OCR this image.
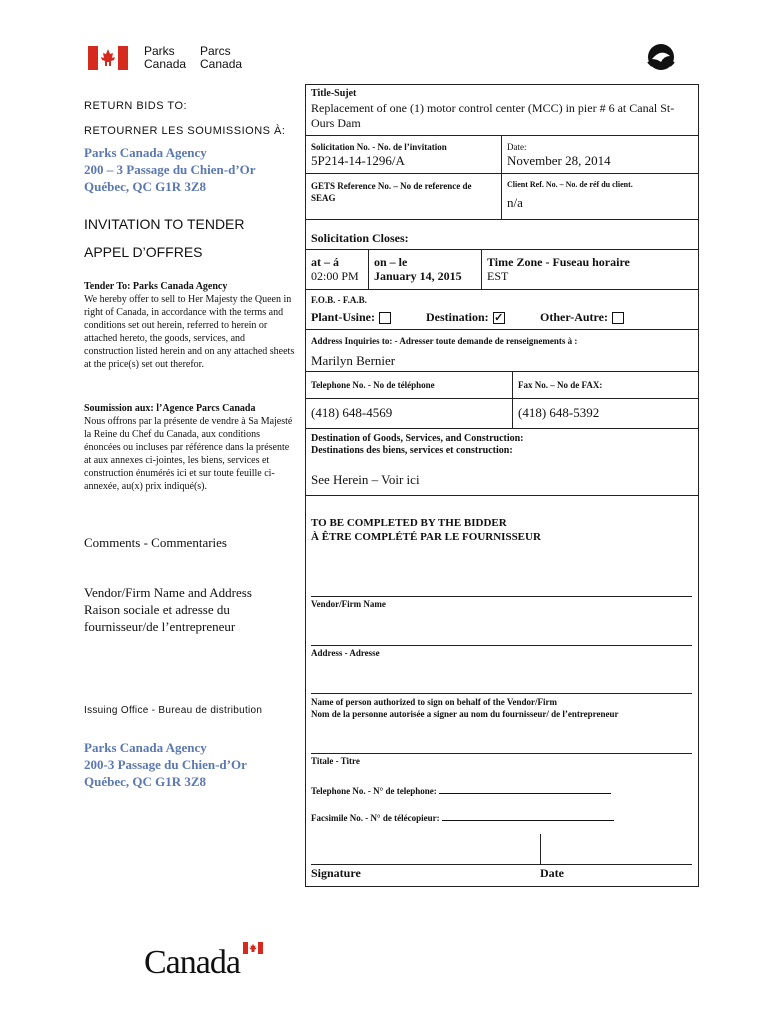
Parks
Canada
Parcs
Canada
RETURN BIDS TO:
RETOURNER LES SOUMISSIONS À:
Parks Canada Agency
200 – 3 Passage du Chien-d’Or
Québec, QC G1R 3Z8
INVITATION TO TENDER
APPEL D’OFFRES
Tender To: Parks Canada Agency
We hereby offer to sell to Her Majesty the Queen in right of Canada, in accordance with the terms and conditions set out herein, referred to herein or attached hereto, the goods, services, and construction listed herein and on any attached sheets at the price(s) set out therefor.
Soumission aux: l’Agence Parcs Canada
Nous offrons par la présente de vendre à Sa Majesté la Reine du Chef du Canada, aux conditions énoncées ou incluses par référence dans la présente at aux annexes ci-jointes, les biens, services et construction énumérés ici et sur toute feuille ci-annexée, au(x) prix indiqué(s).
Comments - Commentaries
Vendor/Firm Name and Address
Raison sociale et adresse du
fournisseur/de l’entrepreneur
Issuing Office - Bureau de distribution
Parks Canada Agency
200-3 Passage du Chien-d’Or
Québec, QC G1R 3Z8
Title-Sujet
Replacement of one (1) motor control center (MCC) in pier # 6 at Canal St-Ours Dam
Solicitation No. - No. de l’invitation
5P214-14-1296/A
Date:
November 28, 2014
GETS Reference No. – No de reference de SEAG
Client Ref. No. – No. de réf du client.
n/a
Solicitation Closes:
at – á
02:00 PM
on – le
January 14, 2015
Time Zone - Fuseau horaire
EST
F.O.B. - F.A.B.
Plant-Usine:	Destination: ✓	Other-Autre:
Address Inquiries to: - Adresser toute demande de renseignements à :
Marilyn Bernier
Telephone No. - No de téléphone	Fax No. – No de FAX:
(418) 648-4569	(418) 648-5392
Destination of Goods, Services, and Construction:
Destinations des biens, services et construction:
See Herein – Voir ici
TO BE COMPLETED BY THE BIDDER
À ÊTRE COMPLÉTÉ PAR LE FOURNISSEUR
Vendor/Firm Name
Address - Adresse
Name of person authorized to sign on behalf of the Vendor/Firm
Nom de la personne autorisée a signer au nom du fournisseur/ de l’entrepreneur
Titale - Titre
Telephone No. - N° de telephone:
Facsimile No. - N° de télécopieur:
Signature	Date
Canada
